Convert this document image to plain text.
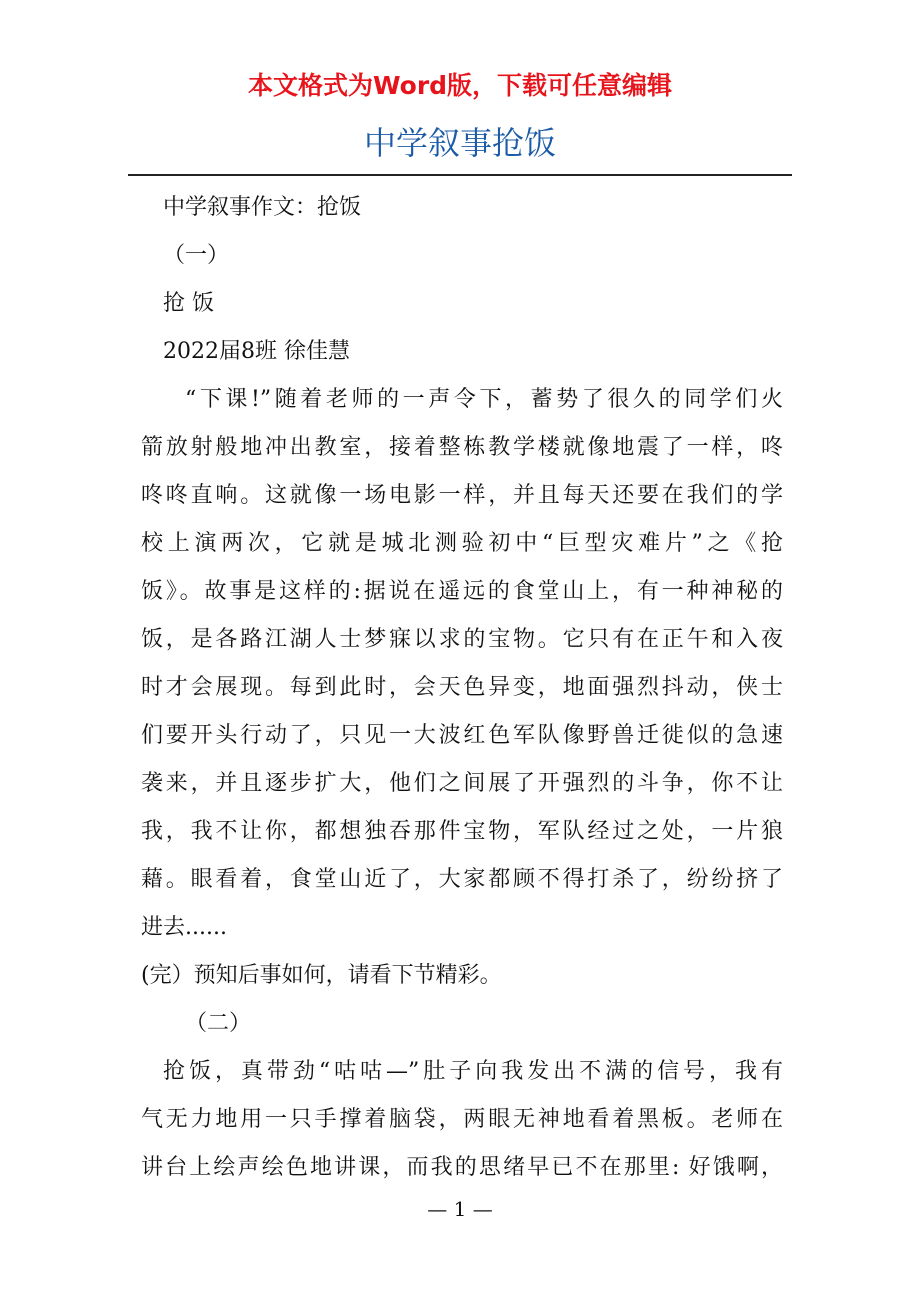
本文格式为Word版，下载可任意编辑
中学叙事抢饭
中学叙事作文：抢饭
（一）
抢 饭
2022届8班 徐佳慧
“下课!”随着老师的一声令下，蓄势了很久的同学们火
箭放射般地冲出教室，接着整栋教学楼就像地震了一样，咚
咚咚直响。这就像一场电影一样，并且每天还要在我们的学
校上演两次，它就是城北测验初中“巨型灾难片”之《抢
饭》。故事是这样的:据说在遥远的食堂山上，有一种神秘的
饭，是各路江湖人士梦寐以求的宝物。它只有在正午和入夜
时才会展现。每到此时，会天色异变，地面强烈抖动，侠士
们要开头行动了，只见一大波红色军队像野兽迁徙似的急速
袭来，并且逐步扩大，他们之间展了开强烈的斗争，你不让
我，我不让你，都想独吞那件宝物，军队经过之处，一片狼
藉。眼看着，食堂山近了，大家都顾不得打杀了，纷纷挤了
进去......
(完）预知后事如何，请看下节精彩。
（二）
抢饭，真带劲“咕咕—”肚子向我发出不满的信号，我有
气无力地用一只手撑着脑袋，两眼无神地看着黑板。老师在
讲台上绘声绘色地讲课，而我的思绪早已不在那里: 好饿啊，
— 1 —
